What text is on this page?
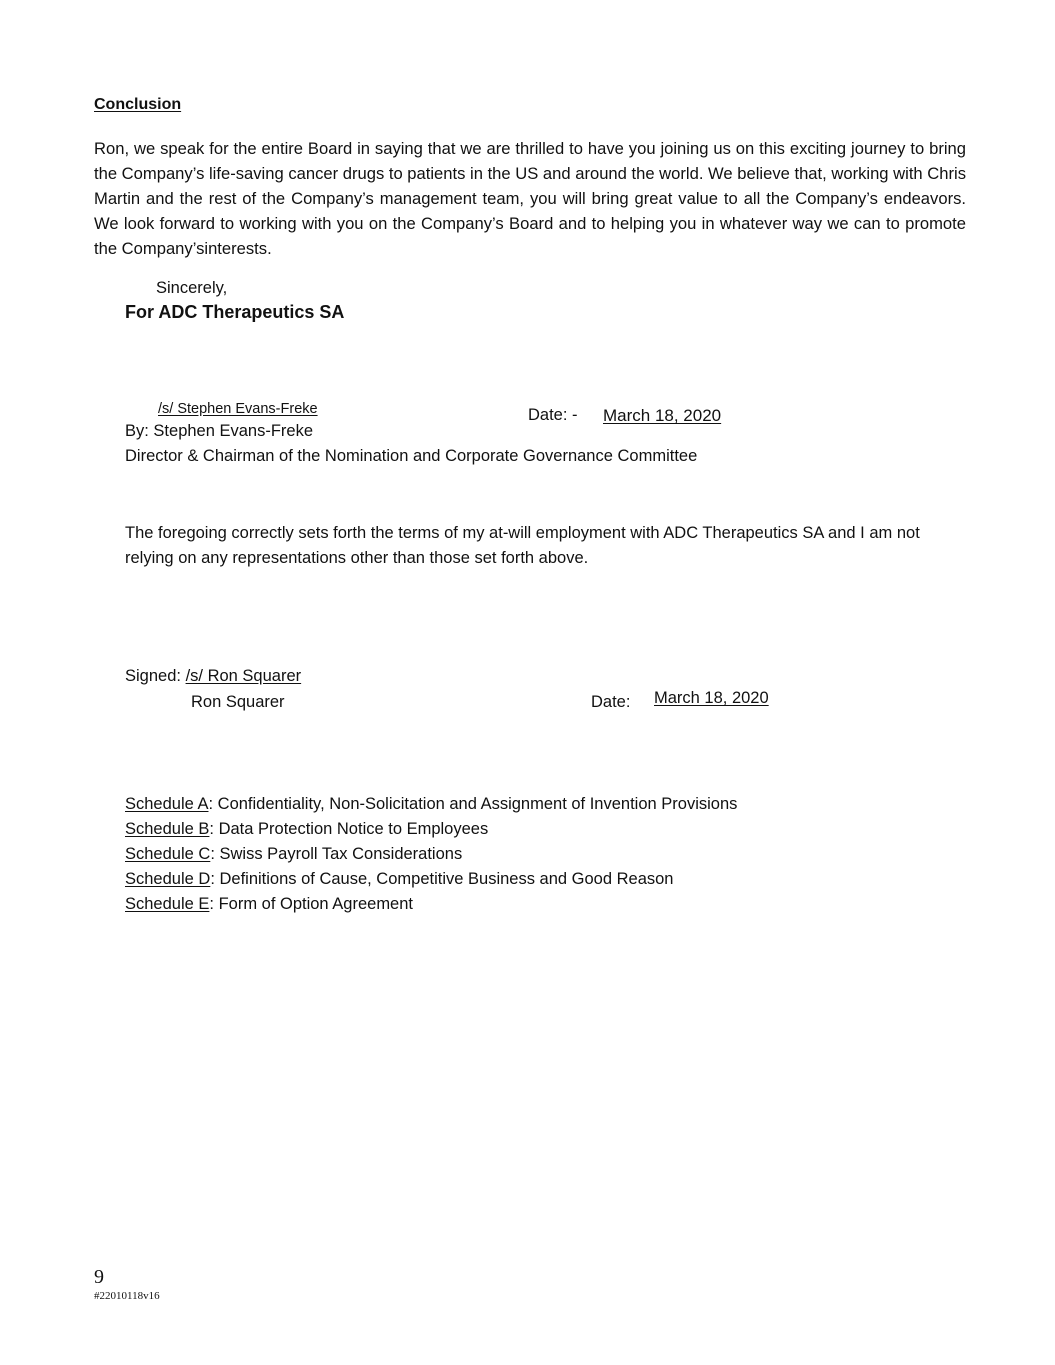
Conclusion

Ron, we speak for the entire Board in saying that we are thrilled to have you joining us on this exciting journey to bring the Company’s life-saving cancer drugs to patients in the US and around the world. We believe that, working with Chris Martin and the rest of the Company’s management team, you will bring great value to all the Company’s endeavors. We look forward to working with you on the Company’s Board and to helping you in whatever way we can to promote the Company’sinterests.

Sincerely,
For ADC Therapeutics SA
/s/ Stephen Evans-Freke	Date: - March 18, 2020
By: Stephen Evans-Freke
Director & Chairman of the Nomination and Corporate Governance Committee

The foregoing correctly sets forth the terms of my at-will employment with ADC Therapeutics SA and I am not relying on any representations other than those set forth above.

Signed: /s/ Ron Squarer
Ron Squarer	Date: March 18, 2020
Schedule A: Confidentiality, Non-Solicitation and Assignment of Invention Provisions
Schedule B: Data Protection Notice to Employees
Schedule C: Swiss Payroll Tax Considerations
Schedule D: Definitions of Cause, Competitive Business and Good Reason
Schedule E: Form of Option Agreement
9
#22010118v16
